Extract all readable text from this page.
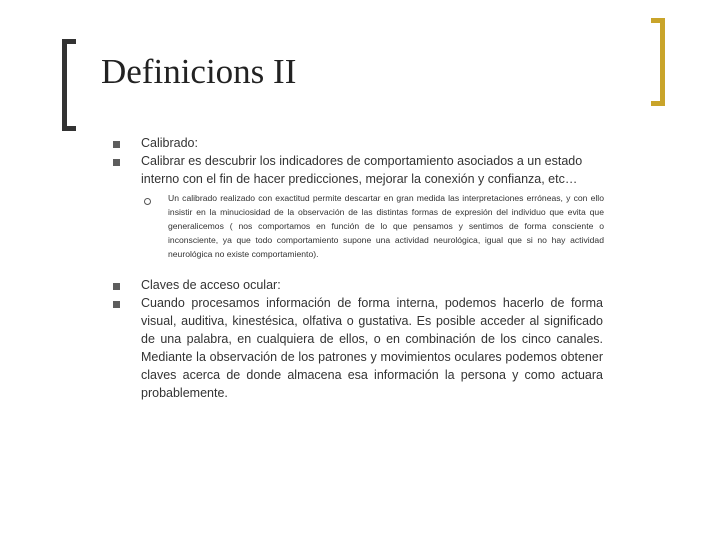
Definicions II

Calibrado:

Calibrar es descubrir los indicadores de comportamiento asociados a un estado interno con el fin de hacer predicciones, mejorar la conexión y confianza, etc…

Un calibrado realizado con exactitud permite descartar en gran medida las interpretaciones erróneas, y con ello insistir en la minuciosidad de la observación de las distintas formas de expresión del individuo que evita que generalicemos ( nos comportamos en función de lo que pensamos y sentimos de forma consciente o inconsciente, ya que todo comportamiento supone una actividad neurológica, igual que si no hay actividad neurológica no existe comportamiento).

Claves de acceso ocular:

Cuando procesamos información de forma interna, podemos hacerlo de forma visual, auditiva, kinestésica, olfativa o gustativa. Es posible acceder al significado de una palabra, en cualquiera de ellos, o en combinación de los cinco canales. Mediante la observación de los patrones y movimientos oculares podemos obtener claves acerca de donde almacena esa información la persona y como actuara probablemente.
